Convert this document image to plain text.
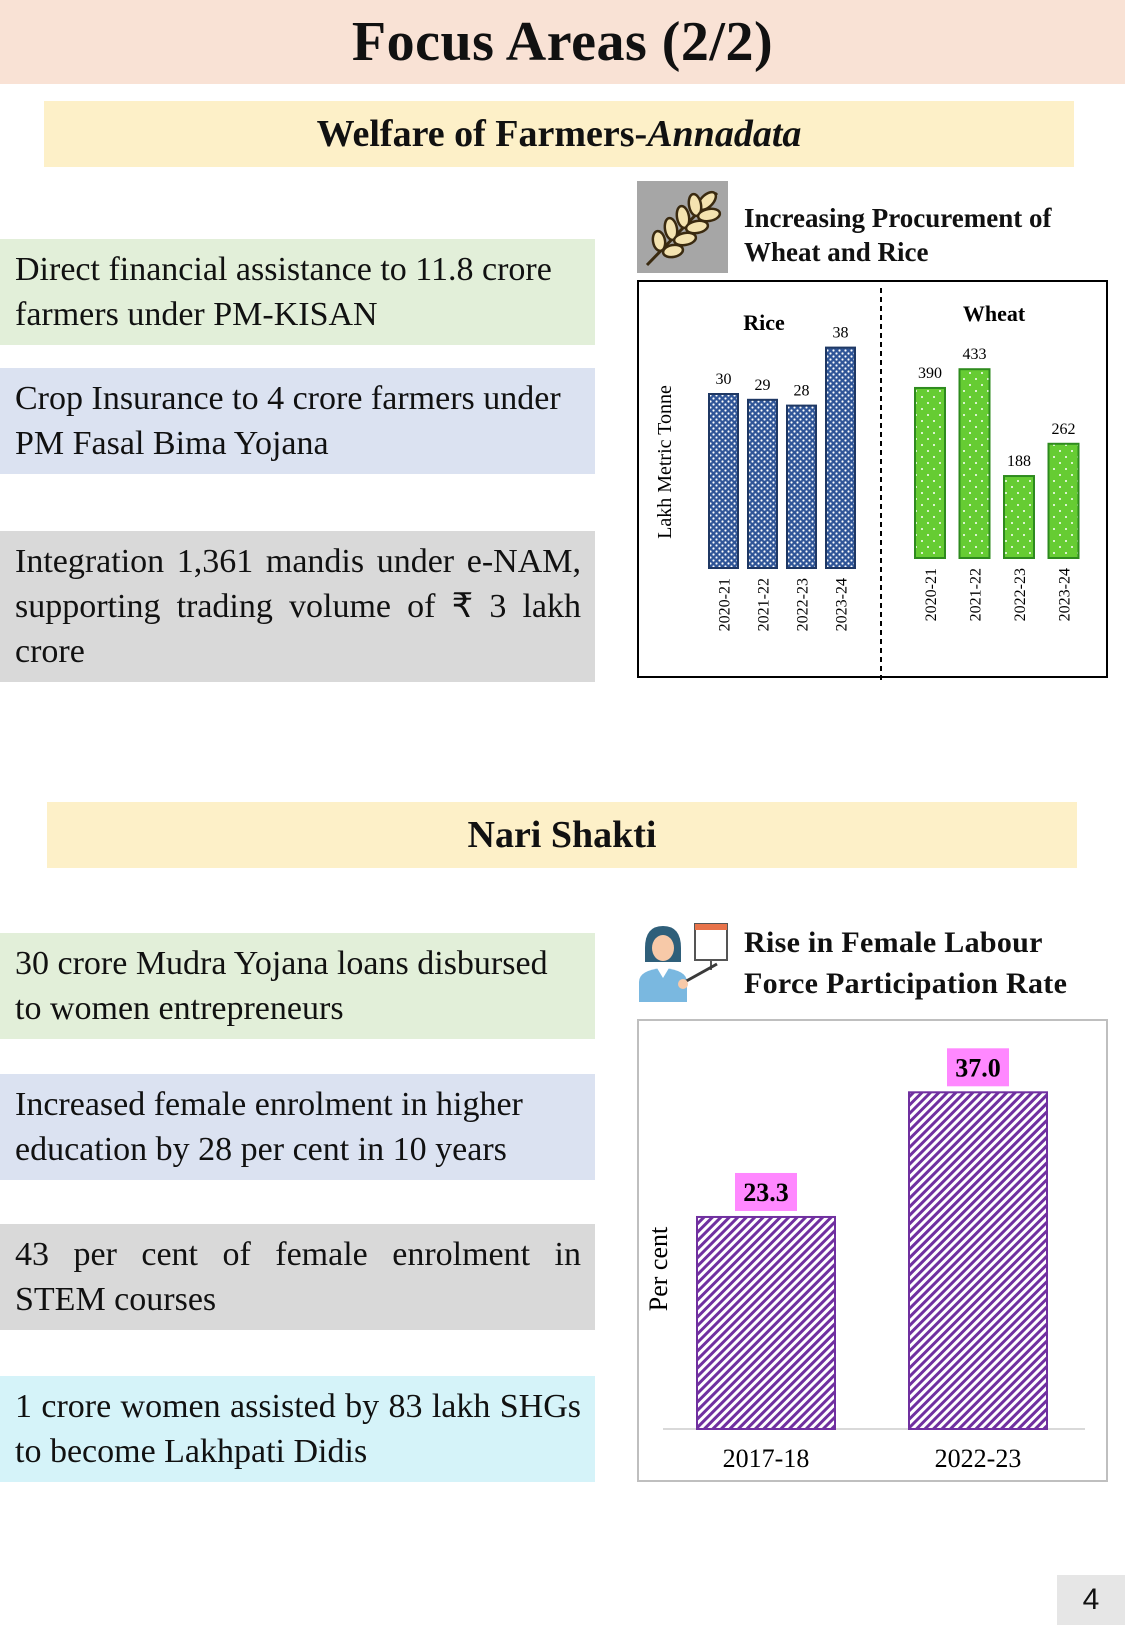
Focus Areas (2/2)
Welfare of Farmers- Annadata
Direct financial assistance to 11.8 crore farmers under PM-KISAN
Crop Insurance to 4 crore farmers under PM Fasal Bima Yojana
Integration 1,361 mandis under e-NAM, supporting trading volume of ₹ 3 lakh crore
Increasing Procurement of
Wheat and Rice
Rice	Wheat
Lakh Metric Tonne
30
2020-21
29
2021-22
28
2022-23
38
2023-24
390
2020-21
433
2021-22
188
2022-23
262
2023-24
Nari Shakti
30 crore Mudra Yojana loans disbursed to women entrepreneurs
Increased female enrolment in higher education by 28 per cent in 10 years
43 per cent of female enrolment in STEM courses
1 crore women assisted by 83 lakh SHGs to become Lakhpati Didis
Rise in Female Labour
Force Participation Rate
Per cent
23.3
2017-18
37.0
2022-23
4
